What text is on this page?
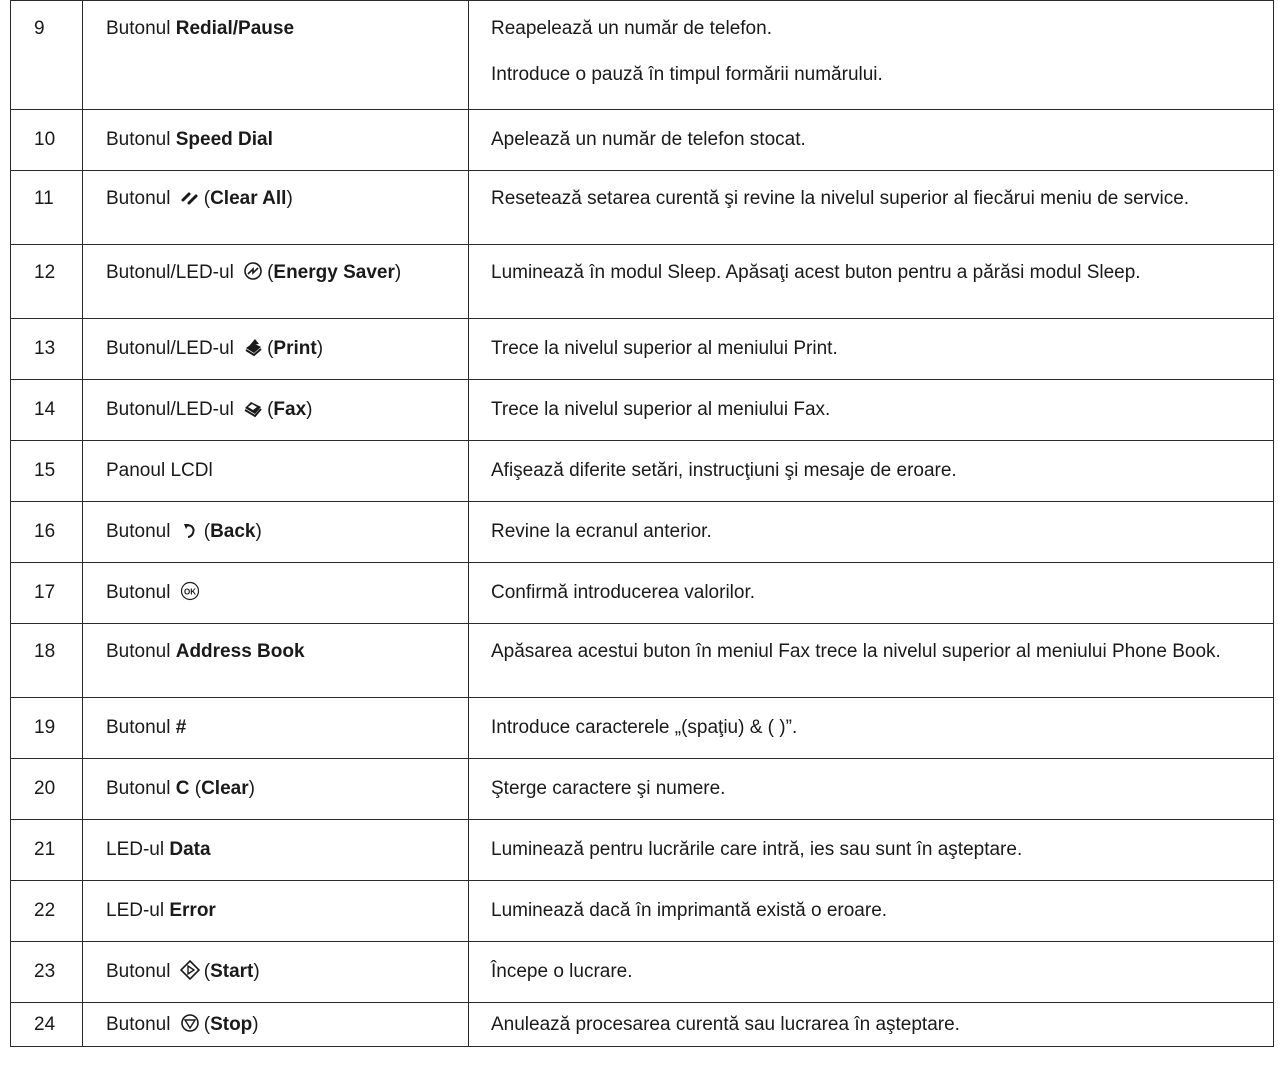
9	Butonul Redial/Pause	Reapelează un număr de telefon.
Introduce o pauză în timpul formării numărului.

10	Butonul Speed Dial	Apelează un număr de telefon stocat.

11	Butonul (Clear All)	Resetează setarea curentă şi revine la nivelul superior al fiecărui meniu de service.

12	Butonul/LED-ul (Energy Saver)	Luminează în modul Sleep. Apăsaţi acest buton pentru a părăsi modul Sleep.

13	Butonul/LED-ul (Print)	Trece la nivelul superior al meniului Print.

14	Butonul/LED-ul (Fax)	Trece la nivelul superior al meniului Fax.

15	Panoul LCDl	Afişează diferite setări, instrucţiuni şi mesaje de eroare.

16	Butonul (Back)	Revine la ecranul anterior.

17	Butonul OK	Confirmă introducerea valorilor.

18	Butonul Address Book	Apăsarea acestui buton în meniul Fax trece la nivelul superior al meniului Phone Book.

19	Butonul #	Introduce caracterele „(spaţiu) & ( )”.

20	Butonul C (Clear)	Şterge caractere şi numere.

21	LED-ul Data	Luminează pentru lucrările care intră, ies sau sunt în aşteptare.

22	LED-ul Error	Luminează dacă în imprimantă există o eroare.

23	Butonul (Start)	Începe o lucrare.

24	Butonul (Stop)	Anulează procesarea curentă sau lucrarea în aşteptare.
